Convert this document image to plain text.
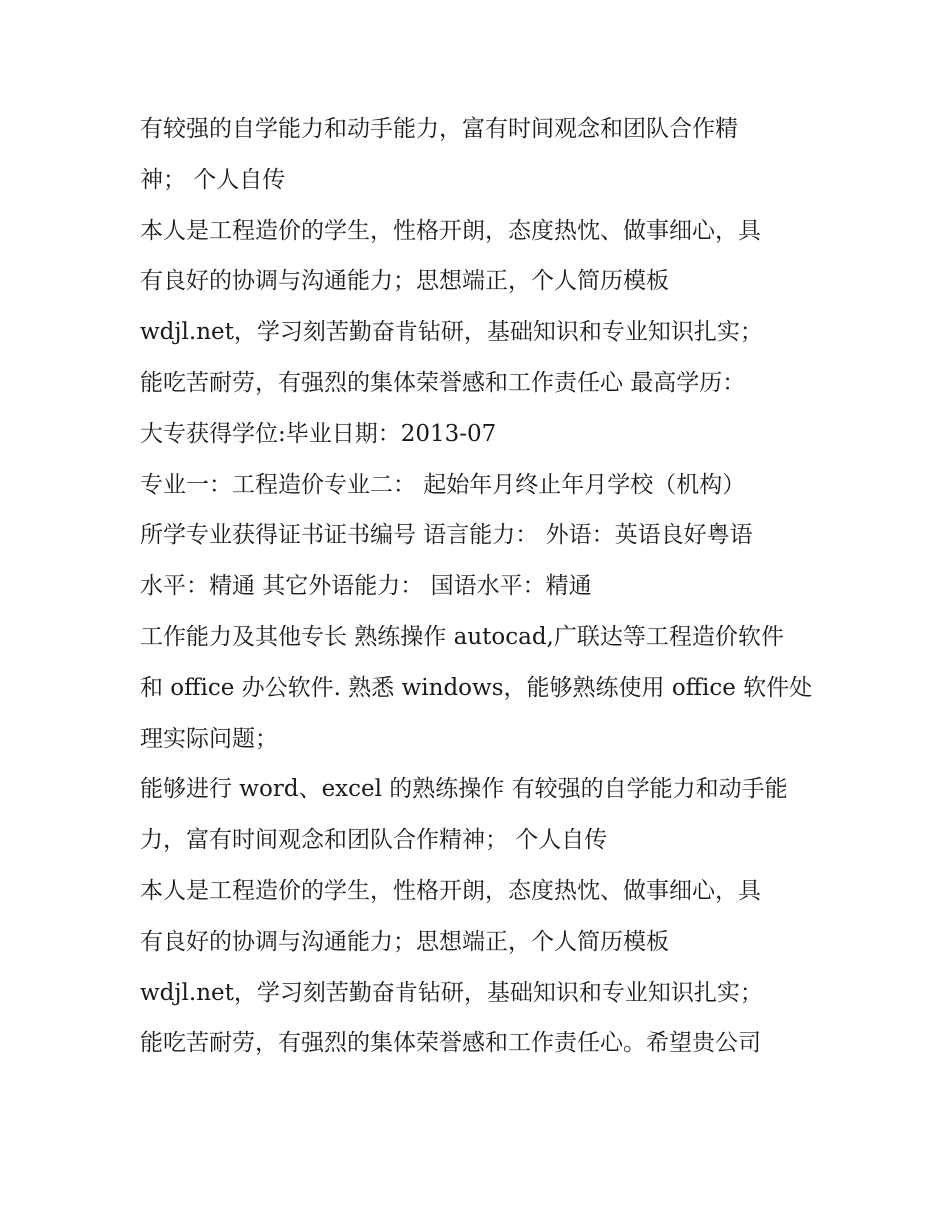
有较强的自学能力和动手能力，富有时间观念和团队合作精
神； 个人自传
本人是工程造价的学生，性格开朗，态度热忱、做事细心，具
有良好的协调与沟通能力；思想端正，个人简历模板
wdjl.net，学习刻苦勤奋肯钻研，基础知识和专业知识扎实；
能吃苦耐劳，有强烈的集体荣誉感和工作责任心 最高学历：
大专获得学位:毕业日期：2013-07
专业一：工程造价专业二： 起始年月终止年月学校（机构）
所学专业获得证书证书编号 语言能力： 外语：英语良好粤语
水平：精通 其它外语能力： 国语水平：精通
工作能力及其他专长 熟练操作 autocad,广联达等工程造价软件
和 office 办公软件. 熟悉 windows，能够熟练使用 office 软件处
理实际问题；
能够进行 word、excel 的熟练操作 有较强的自学能力和动手能
力，富有时间观念和团队合作精神； 个人自传
本人是工程造价的学生，性格开朗，态度热忱、做事细心，具
有良好的协调与沟通能力；思想端正，个人简历模板
wdjl.net，学习刻苦勤奋肯钻研，基础知识和专业知识扎实；
能吃苦耐劳，有强烈的集体荣誉感和工作责任心。希望贵公司
